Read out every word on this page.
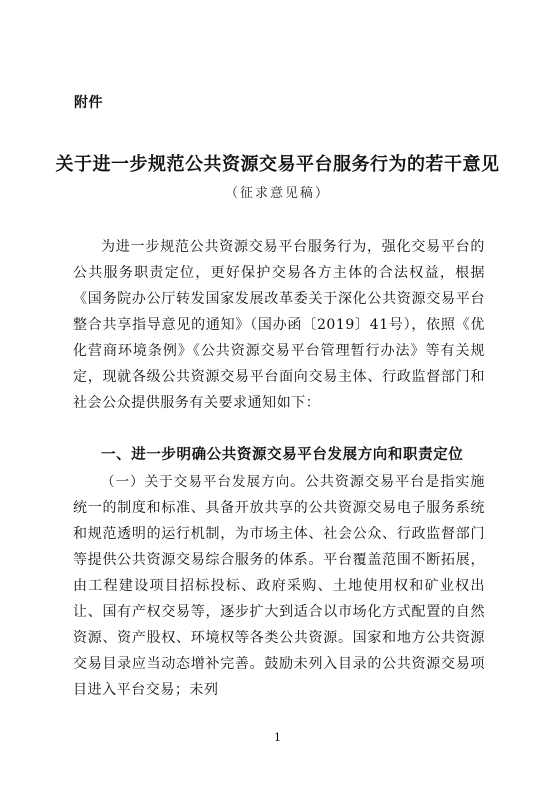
附件
关于进一步规范公共资源交易平台服务行为的若干意见
（征求意见稿）
为进一步规范公共资源交易平台服务行为，强化交易平台的公共服务职责定位，更好保护交易各方主体的合法权益，根据《国务院办公厅转发国家发展改革委关于深化公共资源交易平台整合共享指导意见的通知》（国办函〔2019〕41号），依照《优化营商环境条例》《公共资源交易平台管理暂行办法》等有关规定，现就各级公共资源交易平台面向交易主体、行政监督部门和社会公众提供服务有关要求通知如下：
一、进一步明确公共资源交易平台发展方向和职责定位
（一）关于交易平台发展方向。公共资源交易平台是指实施统一的制度和标准、具备开放共享的公共资源交易电子服务系统和规范透明的运行机制，为市场主体、社会公众、行政监督部门等提供公共资源交易综合服务的体系。平台覆盖范围不断拓展，由工程建设项目招标投标、政府采购、土地使用权和矿业权出让、国有产权交易等，逐步扩大到适合以市场化方式配置的自然资源、资产股权、环境权等各类公共资源。国家和地方公共资源交易目录应当动态增补完善。鼓励未列入目录的公共资源交易项目进入平台交易；未列
1
